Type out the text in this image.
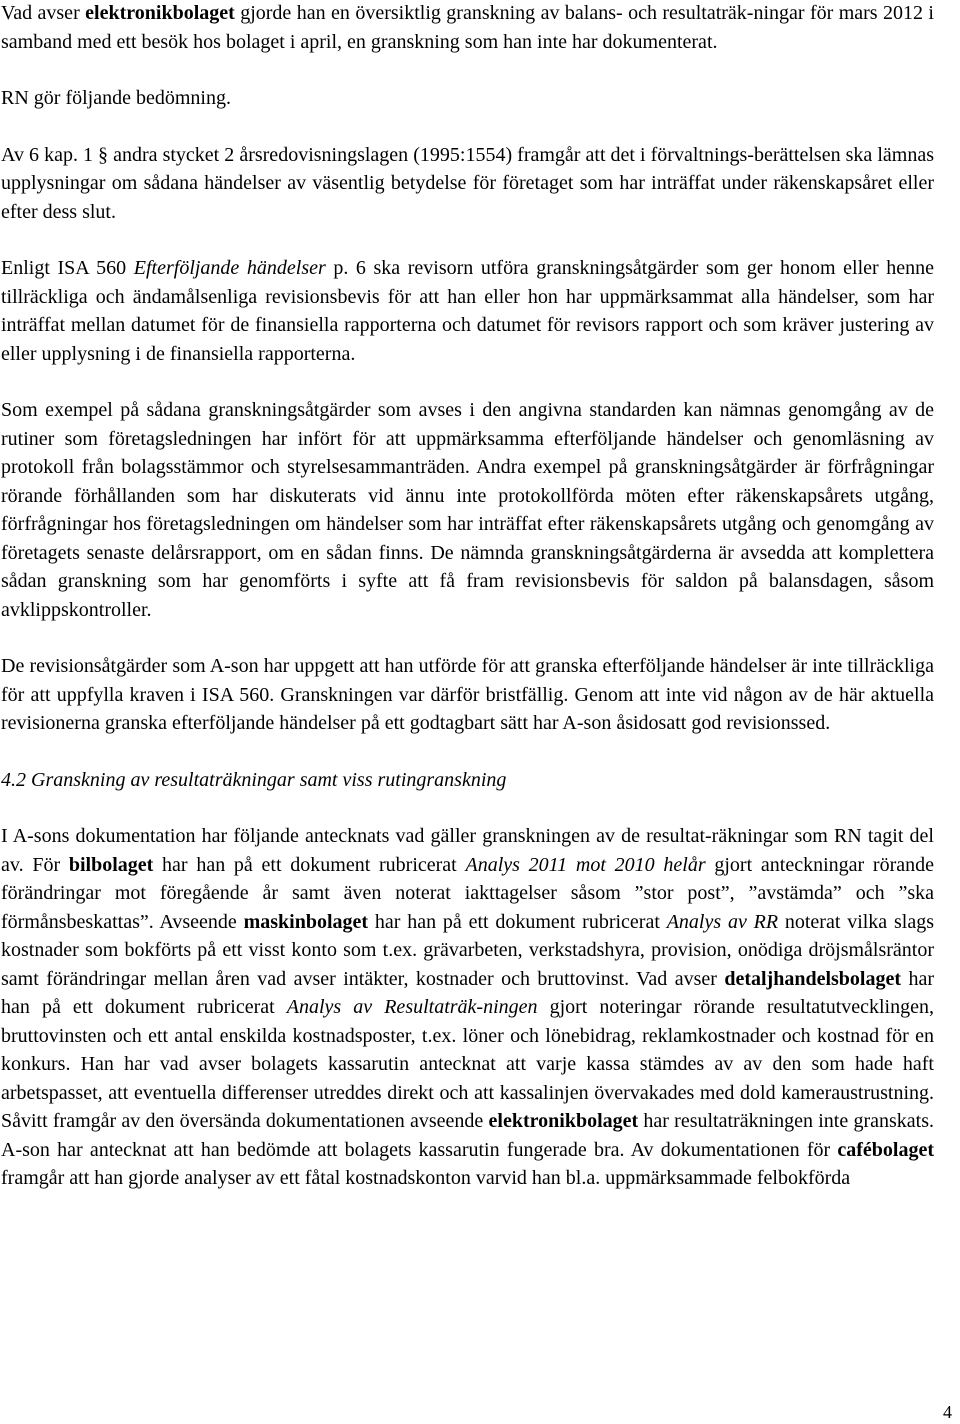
Vad avser elektronikbolaget gjorde han en översiktlig granskning av balans- och resultaträk-ningar för mars 2012 i samband med ett besök hos bolaget i april, en granskning som han inte har dokumenterat.

RN gör följande bedömning.

Av 6 kap. 1 § andra stycket 2 årsredovisningslagen (1995:1554) framgår att det i förvaltnings-berättelsen ska lämnas upplysningar om sådana händelser av väsentlig betydelse för företaget som har inträffat under räkenskapsåret eller efter dess slut.

Enligt ISA 560 Efterföljande händelser p. 6 ska revisorn utföra granskningsåtgärder som ger honom eller henne tillräckliga och ändamålsenliga revisionsbevis för att han eller hon har uppmärksammat alla händelser, som har inträffat mellan datumet för de finansiella rapporterna och datumet för revisors rapport och som kräver justering av eller upplysning i de finansiella rapporterna.

Som exempel på sådana granskningsåtgärder som avses i den angivna standarden kan nämnas genomgång av de rutiner som företagsledningen har infört för att uppmärksamma efterföljande händelser och genomläsning av protokoll från bolagsstämmor och styrelsesammanträden. Andra exempel på granskningsåtgärder är förfrågningar rörande förhållanden som har diskuterats vid ännu inte protokollförda möten efter räkenskapsårets utgång, förfrågningar hos företagsledningen om händelser som har inträffat efter räkenskapsårets utgång och genomgång av företagets senaste delårsrapport, om en sådan finns. De nämnda granskningsåtgärderna är avsedda att komplettera sådan granskning som har genomförts i syfte att få fram revisionsbevis för saldon på balansdagen, såsom avklippskontroller.

De revisionsåtgärder som A-son har uppgett att han utförde för att granska efterföljande händelser är inte tillräckliga för att uppfylla kraven i ISA 560. Granskningen var därför bristfällig. Genom att inte vid någon av de här aktuella revisionerna granska efterföljande händelser på ett godtagbart sätt har A-son åsidosatt god revisionssed.

4.2 Granskning av resultaträkningar samt viss rutingranskning

I A-sons dokumentation har följande antecknats vad gäller granskningen av de resultat-räkningar som RN tagit del av. För bilbolaget har han på ett dokument rubricerat Analys 2011 mot 2010 helår gjort anteckningar rörande förändringar mot föregående år samt även noterat iakttagelser såsom ”stor post”, ”avstämda” och ”ska förmånsbeskattas”. Avseende maskinbolaget har han på ett dokument rubricerat Analys av RR noterat vilka slags kostnader som bokförts på ett visst konto som t.ex. grävarbeten, verkstadshyra, provision, onödiga dröjsmålsräntor samt förändringar mellan åren vad avser intäkter, kostnader och bruttovinst. Vad avser detaljhandelsbolaget har han på ett dokument rubricerat Analys av Resultaträk-ningen gjort noteringar rörande resultatutvecklingen, bruttovinsten och ett antal enskilda kostnadsposter, t.ex. löner och lönebidrag, reklamkostnader och kostnad för en konkurs. Han har vad avser bolagets kassarutin antecknat att varje kassa stämdes av av den som hade haft arbetspasset, att eventuella differenser utreddes direkt och att kassalinjen övervakades med dold kameraustrustning. Såvitt framgår av den översända dokumentationen avseende elektronikbolaget har resultaträkningen inte granskats. A-son har antecknat att han bedömde att bolagets kassarutin fungerade bra. Av dokumentationen för cafébolaget framgår att han gjorde analyser av ett fåtal kostnadskonton varvid han bl.a. uppmärksammade felbokförda

4
